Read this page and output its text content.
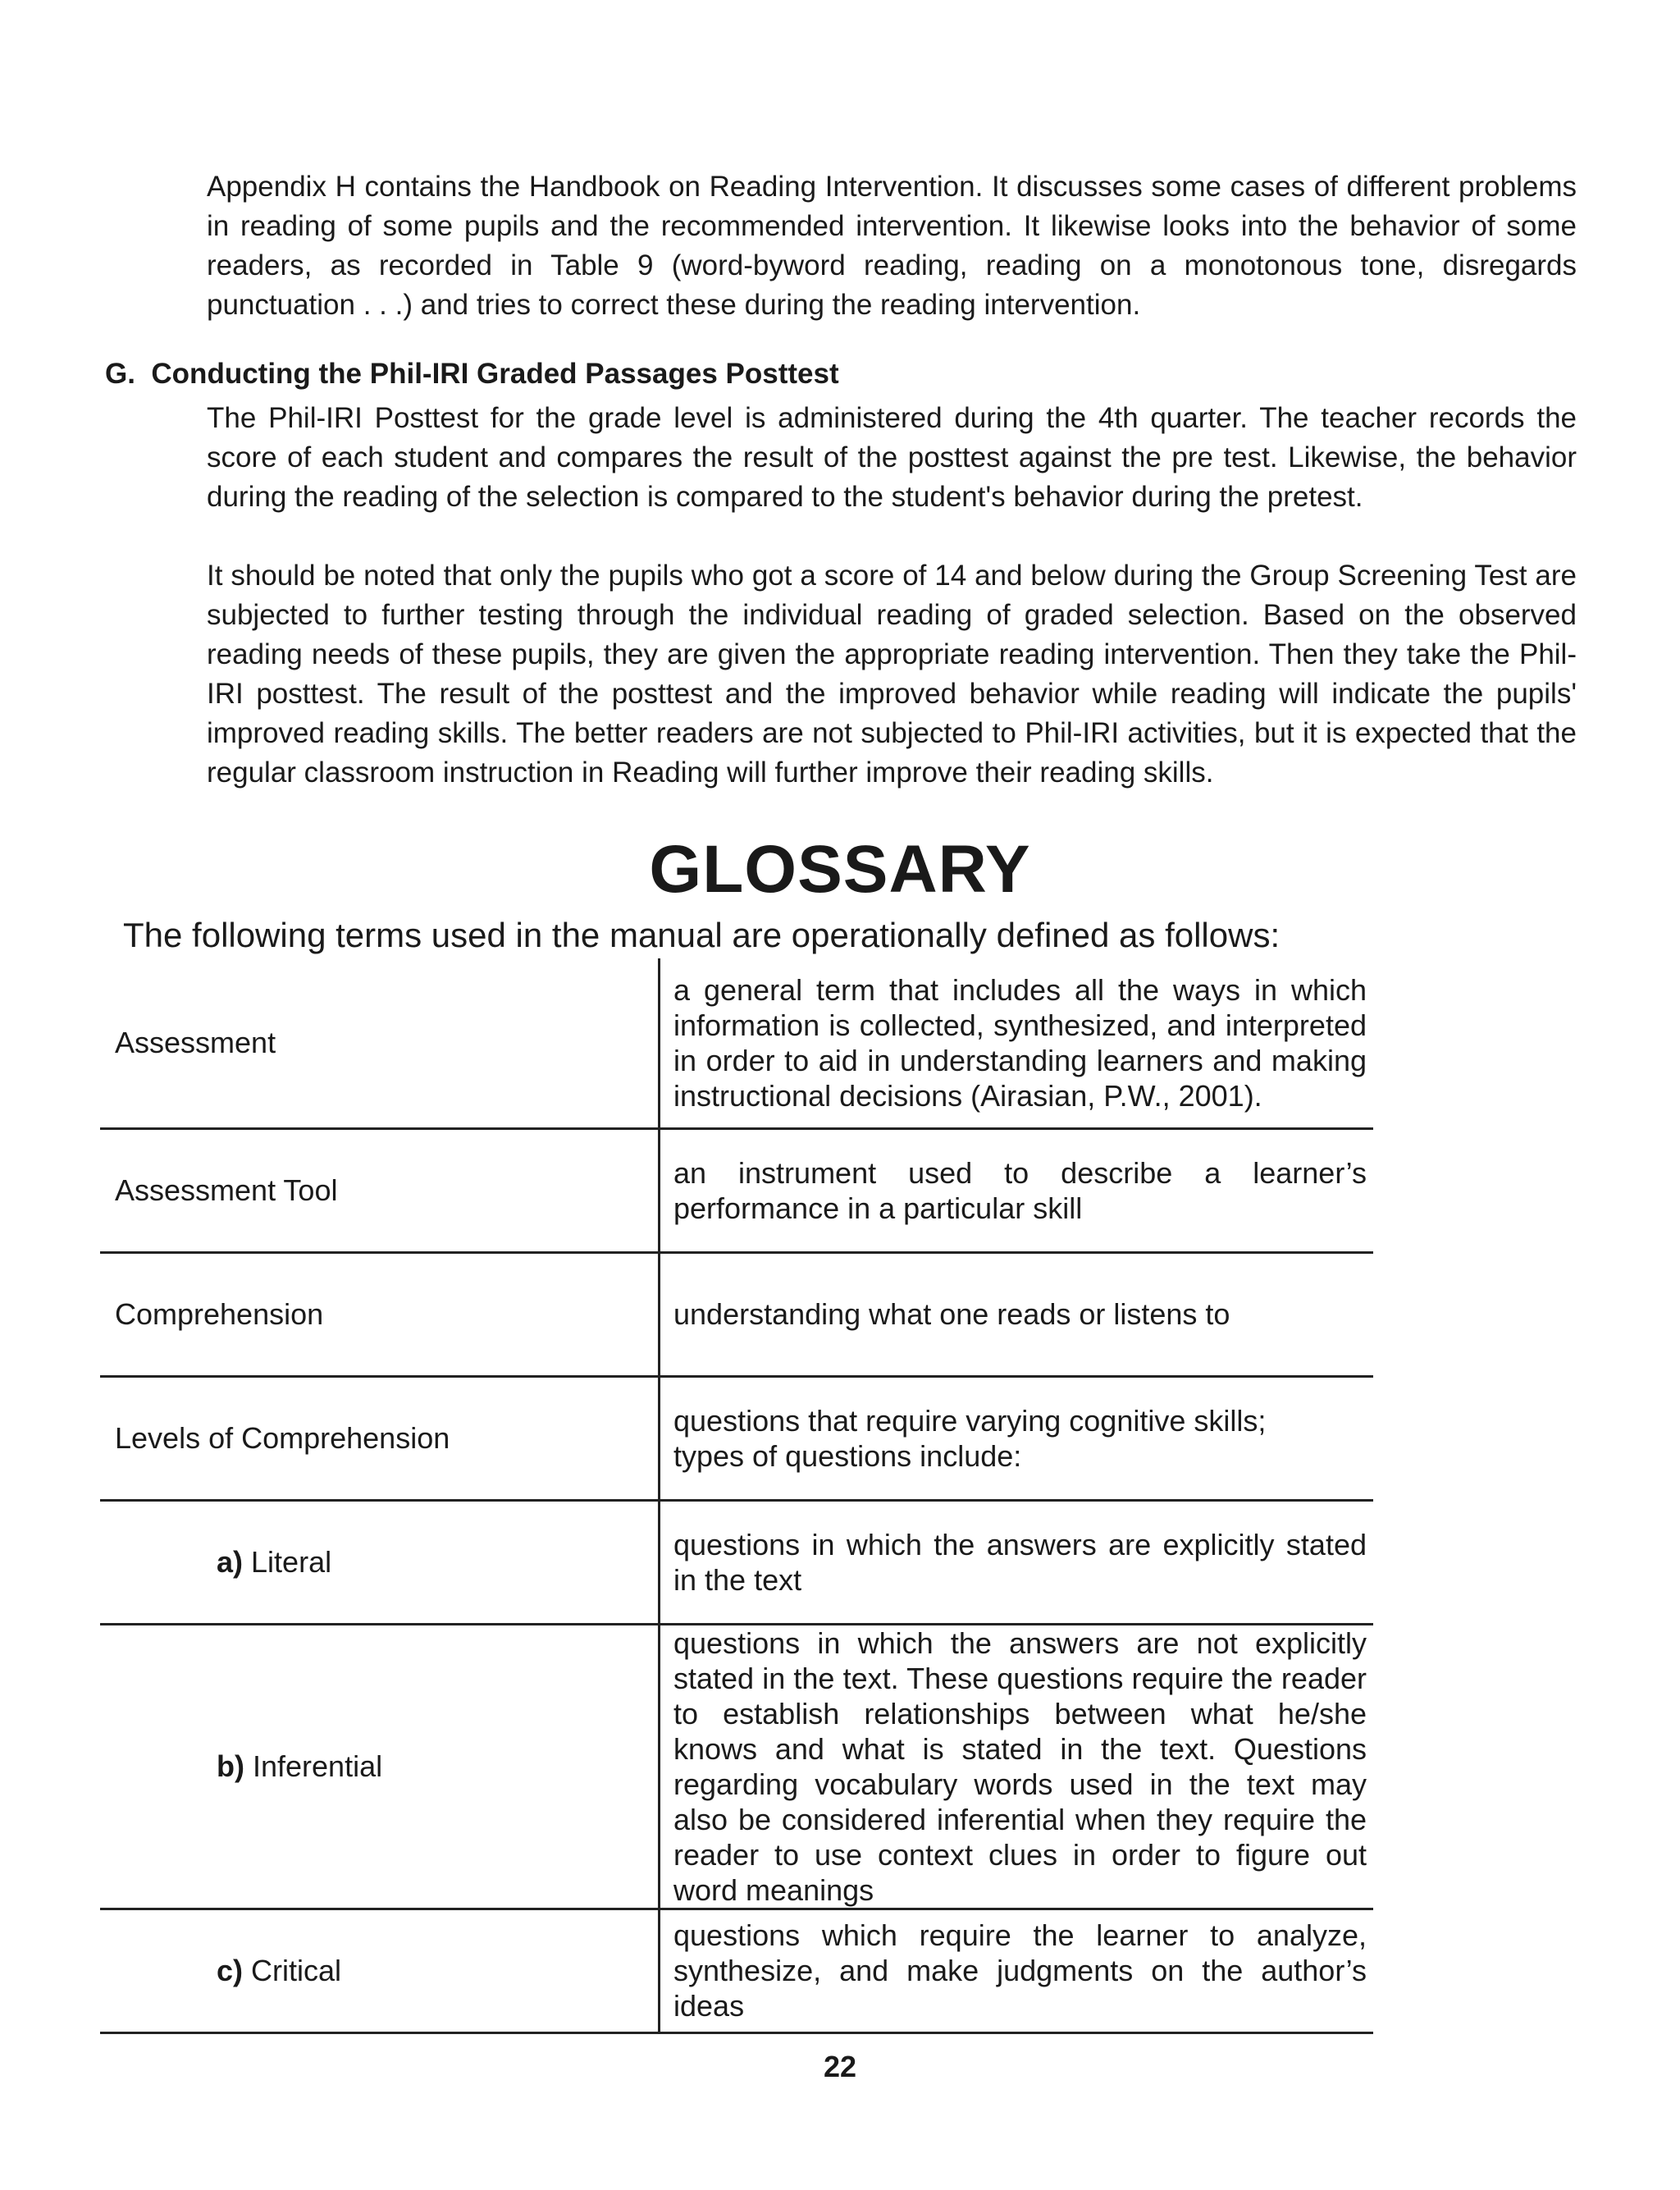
Appendix H contains the Handbook on Reading Intervention. It discusses some cases of different problems in reading of some pupils and the recommended intervention. It likewise looks into the behavior of some readers, as recorded in Table 9 (word-byword reading, reading on a monotonous tone, disregards punctuation . . .) and tries to correct these during the reading intervention.

G. Conducting the Phil-IRI Graded Passages Posttest

The Phil-IRI Posttest for the grade level is administered during the 4th quarter. The teacher records the score of each student and compares the result of the posttest against the pre test. Likewise, the behavior during the reading of the selection is compared to the student's behavior during the pretest.

It should be noted that only the pupils who got a score of 14 and below during the Group Screening Test are subjected to further testing through the individual reading of graded selection. Based on the observed reading needs of these pupils, they are given the appropriate reading intervention. Then they take the Phil-IRI posttest. The result of the posttest and the improved behavior while reading will indicate the pupils' improved reading skills. The better readers are not subjected to Phil-IRI activities, but it is expected that the regular classroom instruction in Reading will further improve their reading skills.

GLOSSARY

The following terms used in the manual are operationally defined as follows:

Assessment	a general term that includes all the ways in which information is collected, synthesized, and interpreted in order to aid in understanding learners and making instructional decisions (Airasian, P.W., 2001).
Assessment Tool	an instrument used to describe a learner’s performance in a particular skill
Comprehension	understanding what one reads or listens to
Levels of Comprehension	questions that require varying cognitive skills;
types of questions include:
a) Literal	questions in which the answers are explicitly stated in the text
b) Inferential	questions in which the answers are not explicitly stated in the text. These questions require the reader to establish relationships between what he/she knows and what is stated in the text. Questions regarding vocabulary words used in the text may also be considered inferential when they require the reader to use context clues in order to figure out word meanings
c) Critical	questions which require the learner to analyze, synthesize, and make judgments on the author’s ideas

22
